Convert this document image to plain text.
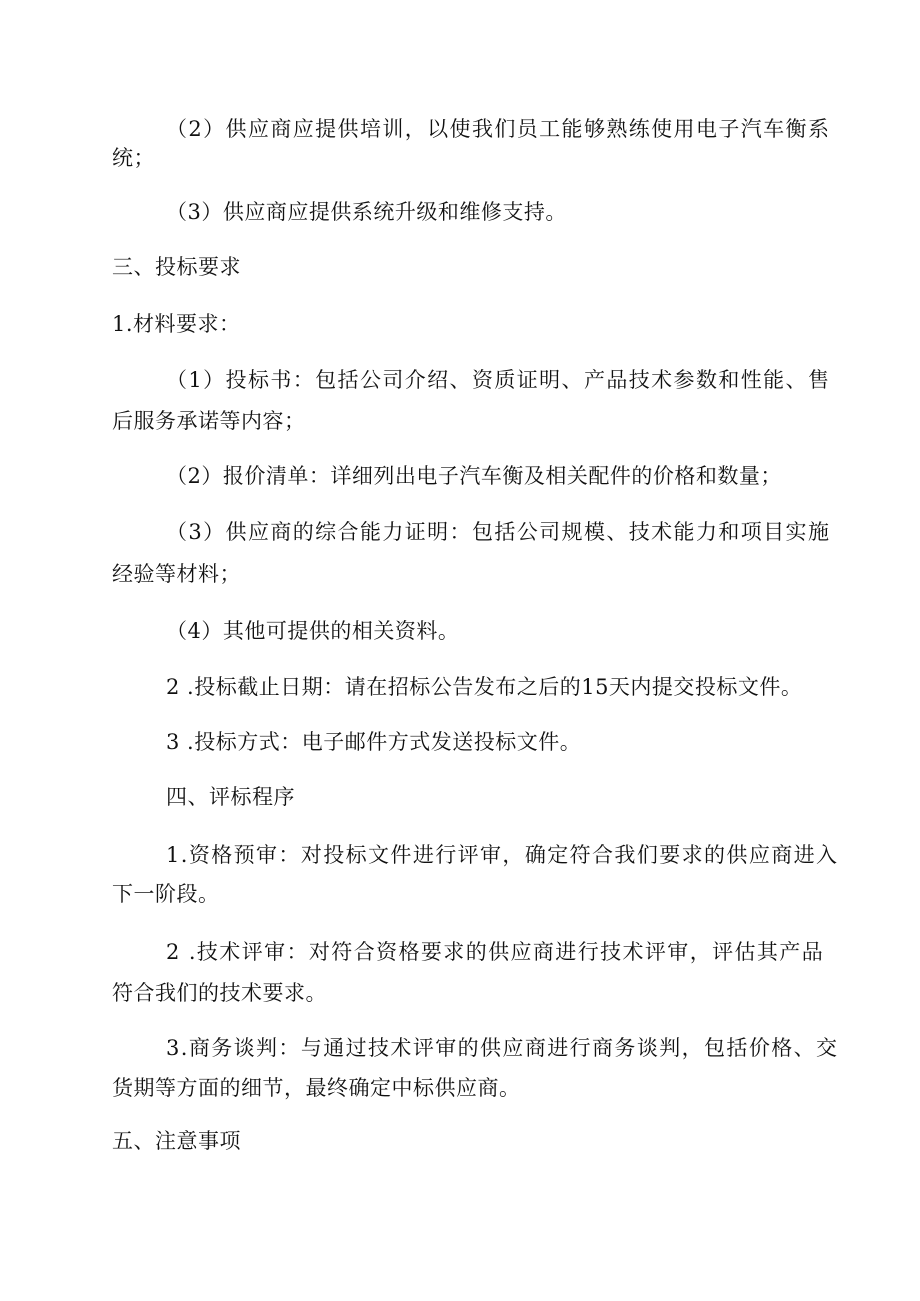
（2）供应商应提供培训，以使我们员工能够熟练使用电子汽车衡系
统；
（3）供应商应提供系统升级和维修支持。
三、投标要求
1.材料要求：
（1）投标书：包括公司介绍、资质证明、产品技术参数和性能、售
后服务承诺等内容；
（2）报价清单：详细列出电子汽车衡及相关配件的价格和数量；
（3）供应商的综合能力证明：包括公司规模、技术能力和项目实施
经验等材料；
（4）其他可提供的相关资料。
2 .投标截止日期：请在招标公告发布之后的15天内提交投标文件。
3 .投标方式：电子邮件方式发送投标文件。
四、评标程序
1.资格预审：对投标文件进行评审，确定符合我们要求的供应商进入
下一阶段。
2 .技术评审：对符合资格要求的供应商进行技术评审，评估其产品
符合我们的技术要求。
3.商务谈判：与通过技术评审的供应商进行商务谈判，包括价格、交
货期等方面的细节，最终确定中标供应商。
五、注意事项
